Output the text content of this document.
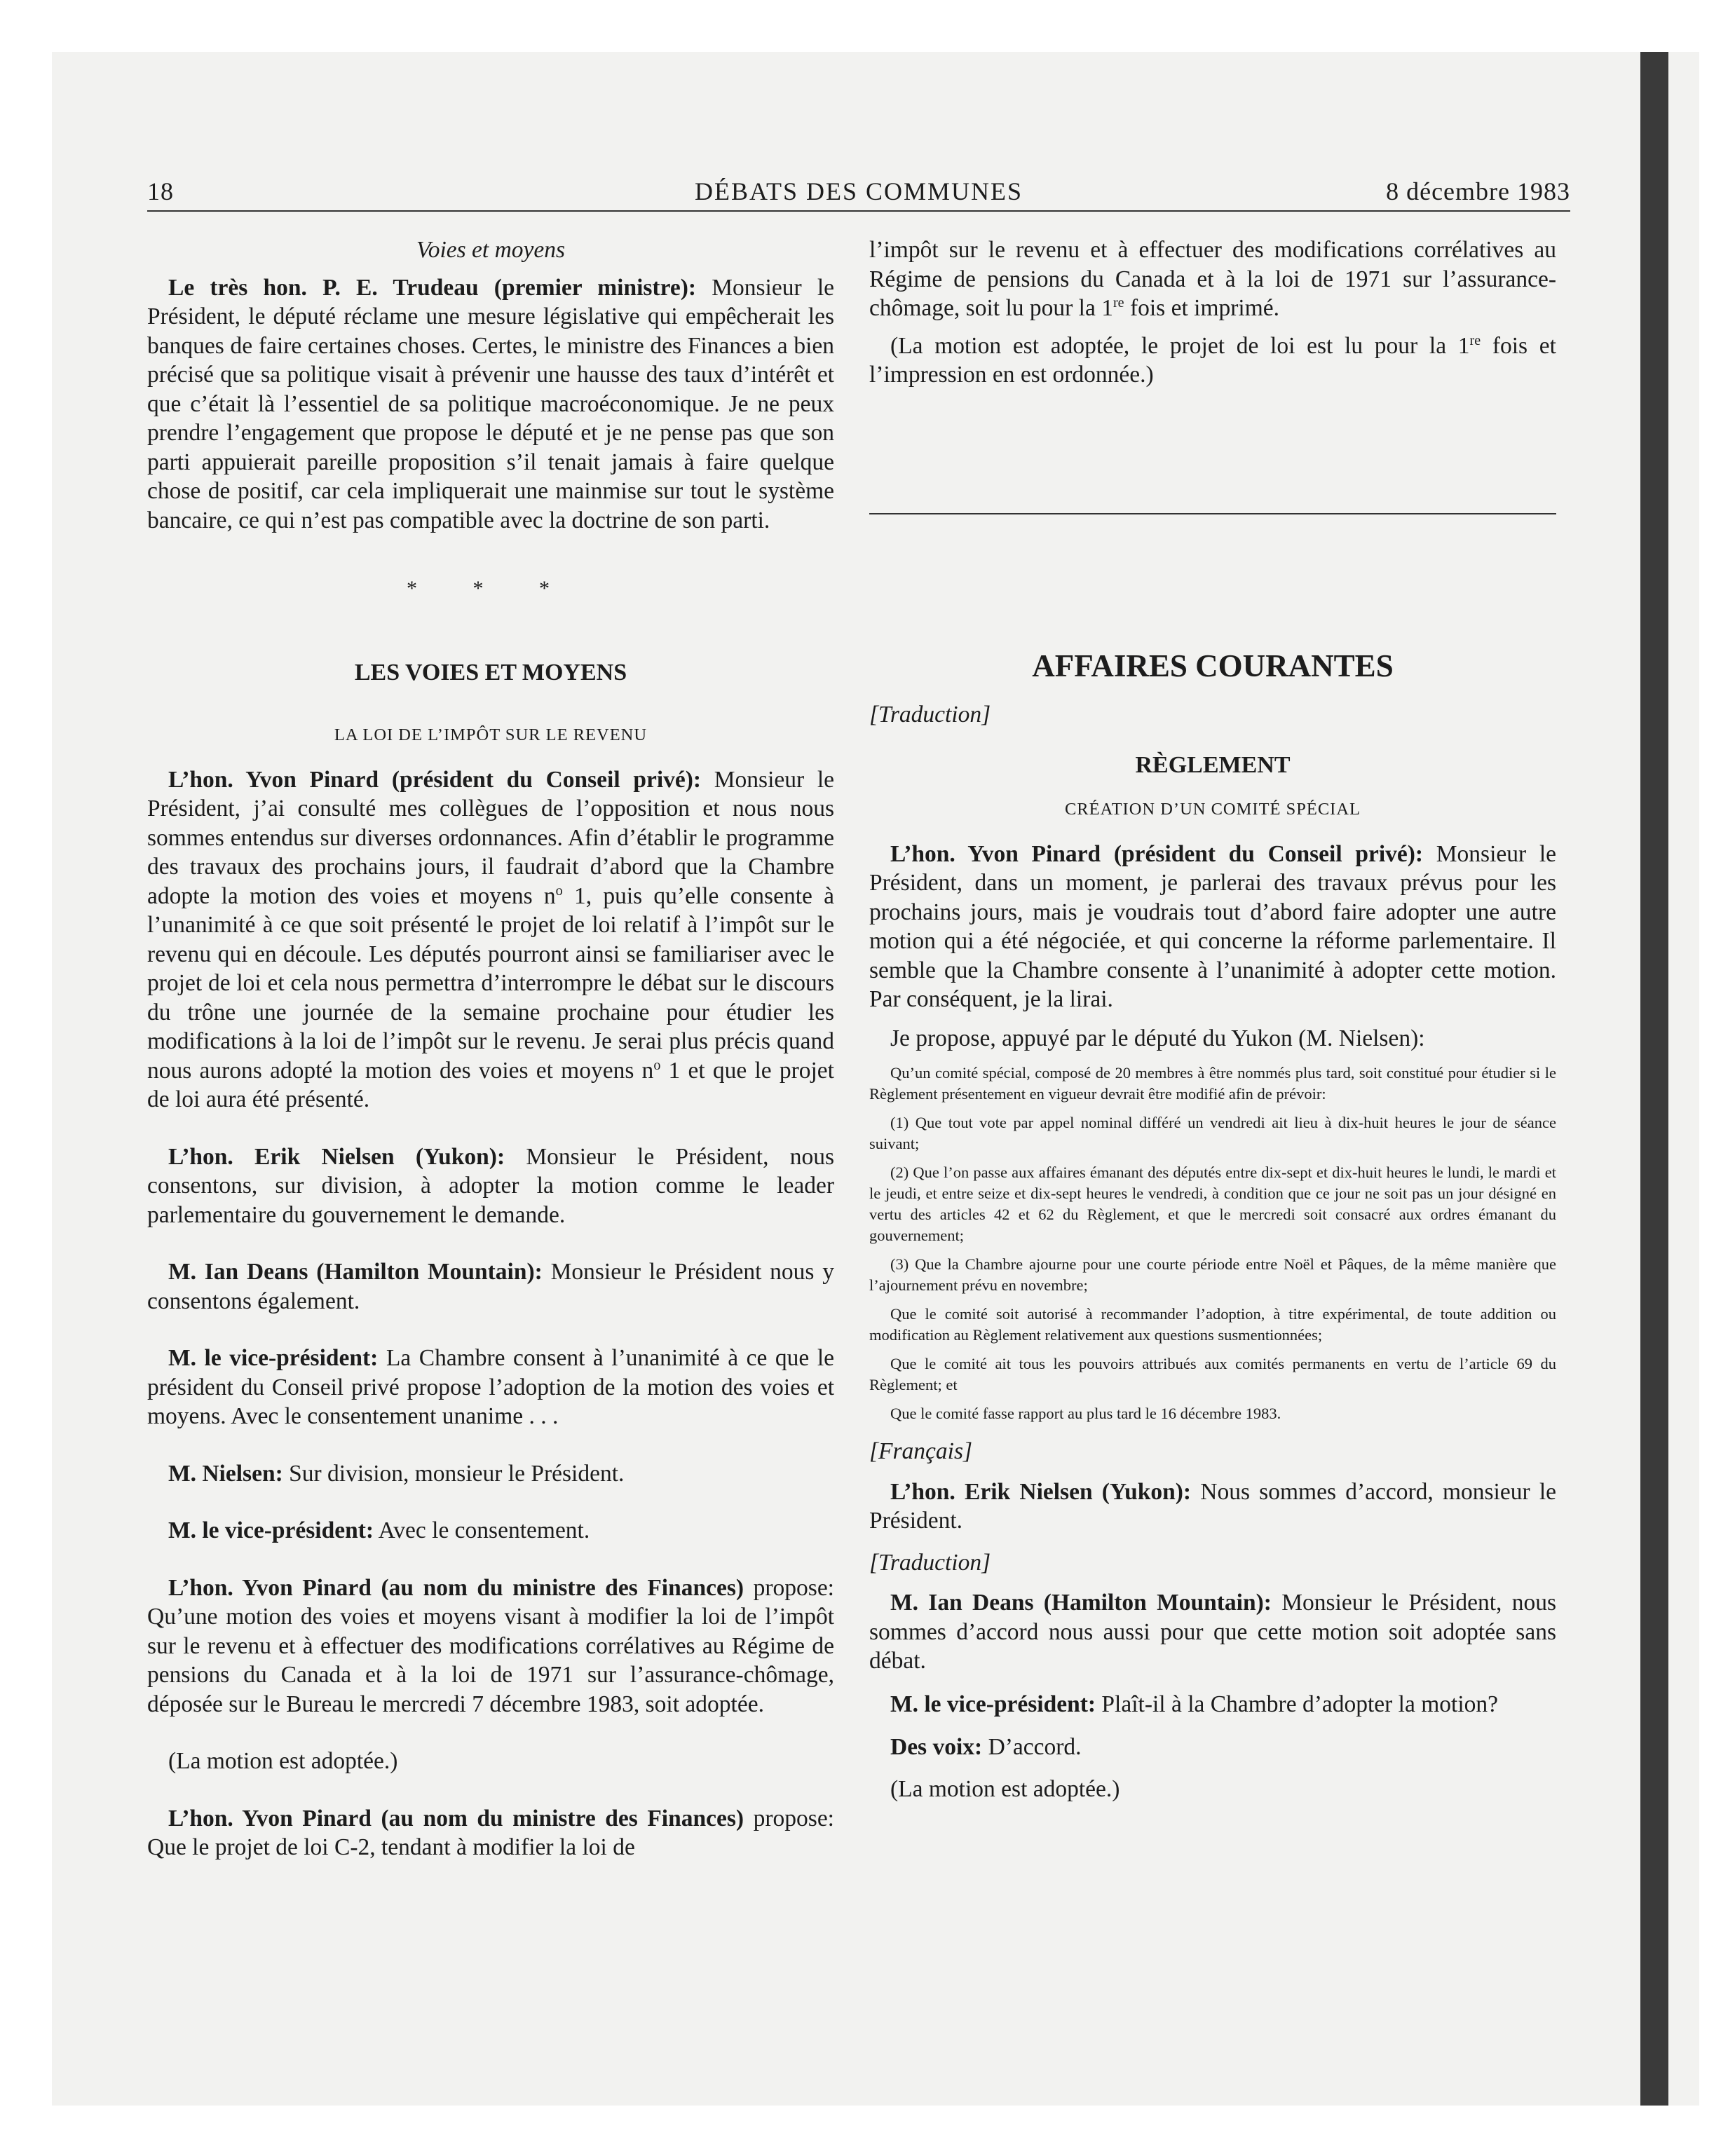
18	DÉBATS DES COMMUNES	8 décembre 1983

Voies et moyens

Le très hon. P. E. Trudeau (premier ministre): Monsieur le Président, le député réclame une mesure législative qui empêcherait les banques de faire certaines choses. Certes, le ministre des Finances a bien précisé que sa politique visait à prévenir une hausse des taux d’intérêt et que c’était là l’essentiel de sa politique macroéconomique. Je ne peux prendre l’engagement que propose le député et je ne pense pas que son parti appuierait pareille proposition s’il tenait jamais à faire quelque chose de positif, car cela impliquerait une mainmise sur tout le système bancaire, ce qui n’est pas compatible avec la doctrine de son parti.

* * *

LES VOIES ET MOYENS

LA LOI DE L’IMPÔT SUR LE REVENU

L’hon. Yvon Pinard (président du Conseil privé): Monsieur le Président, j’ai consulté mes collègues de l’opposition et nous nous sommes entendus sur diverses ordonnances. Afin d’établir le programme des travaux des prochains jours, il faudrait d’abord que la Chambre adopte la motion des voies et moyens $n^o$ 1, puis qu’elle consente à l’unanimité à ce que soit présenté le projet de loi relatif à l’impôt sur le revenu qui en découle. Les députés pourront ainsi se familiariser avec le projet de loi et cela nous permettra d’interrompre le débat sur le discours du trône une journée de la semaine prochaine pour étudier les modifications à la loi de l’impôt sur le revenu. Je serai plus précis quand nous aurons adopté la motion des voies et moyens $n^o$ 1 et que le projet de loi aura été présenté.

L’hon. Erik Nielsen (Yukon): Monsieur le Président, nous consentons, sur division, à adopter la motion comme le leader parlementaire du gouvernement le demande.

M. Ian Deans (Hamilton Mountain): Monsieur le Président nous y consentons également.

M. le vice-président: La Chambre consent à l’unanimité à ce que le président du Conseil privé propose l’adoption de la motion des voies et moyens. Avec le consentement unanime . . .

M. Nielsen: Sur division, monsieur le Président.

M. le vice-président: Avec le consentement.

L’hon. Yvon Pinard (au nom du ministre des Finances) propose: Qu’une motion des voies et moyens visant à modifier la loi de l’impôt sur le revenu et à effectuer des modifications corrélatives au Régime de pensions du Canada et à la loi de 1971 sur l’assurance-chômage, déposée sur le Bureau le mercredi 7 décembre 1983, soit adoptée.

(La motion est adoptée.)

L’hon. Yvon Pinard (au nom du ministre des Finances) propose: Que le projet de loi C-2, tendant à modifier la loi de

l’impôt sur le revenu et à effectuer des modifications corrélatives au Régime de pensions du Canada et à la loi de 1971 sur l’assurance-chômage, soit lu pour la 1re fois et imprimé.

(La motion est adoptée, le projet de loi est lu pour la 1re fois et l’impression en est ordonnée.)

AFFAIRES COURANTES

[Traduction]

RÈGLEMENT

CRÉATION D’UN COMITÉ SPÉCIAL

L’hon. Yvon Pinard (président du Conseil privé): Monsieur le Président, dans un moment, je parlerai des travaux prévus pour les prochains jours, mais je voudrais tout d’abord faire adopter une autre motion qui a été négociée, et qui concerne la réforme parlementaire. Il semble que la Chambre consente à l’unanimité à adopter cette motion. Par conséquent, je la lirai.

Je propose, appuyé par le député du Yukon (M. Nielsen):

Qu’un comité spécial, composé de 20 membres à être nommés plus tard, soit constitué pour étudier si le Règlement présentement en vigueur devrait être modifié afin de prévoir:

(1) Que tout vote par appel nominal différé un vendredi ait lieu à dix-huit heures le jour de séance suivant;

(2) Que l’on passe aux affaires émanant des députés entre dix-sept et dix-huit heures le lundi, le mardi et le jeudi, et entre seize et dix-sept heures le vendredi, à condition que ce jour ne soit pas un jour désigné en vertu des articles 42 et 62 du Règlement, et que le mercredi soit consacré aux ordres émanant du gouvernement;

(3) Que la Chambre ajourne pour une courte période entre Noël et Pâques, de la même manière que l’ajournement prévu en novembre;

Que le comité soit autorisé à recommander l’adoption, à titre expérimental, de toute addition ou modification au Règlement relativement aux questions susmentionnées;

Que le comité ait tous les pouvoirs attribués aux comités permanents en vertu de l’article 69 du Règlement; et

Que le comité fasse rapport au plus tard le 16 décembre 1983.

[Français]

L’hon. Erik Nielsen (Yukon): Nous sommes d’accord, monsieur le Président.

[Traduction]

M. Ian Deans (Hamilton Mountain): Monsieur le Président, nous sommes d’accord nous aussi pour que cette motion soit adoptée sans débat.

M. le vice-président: Plaît-il à la Chambre d’adopter la motion?

Des voix: D’accord.

(La motion est adoptée.)
